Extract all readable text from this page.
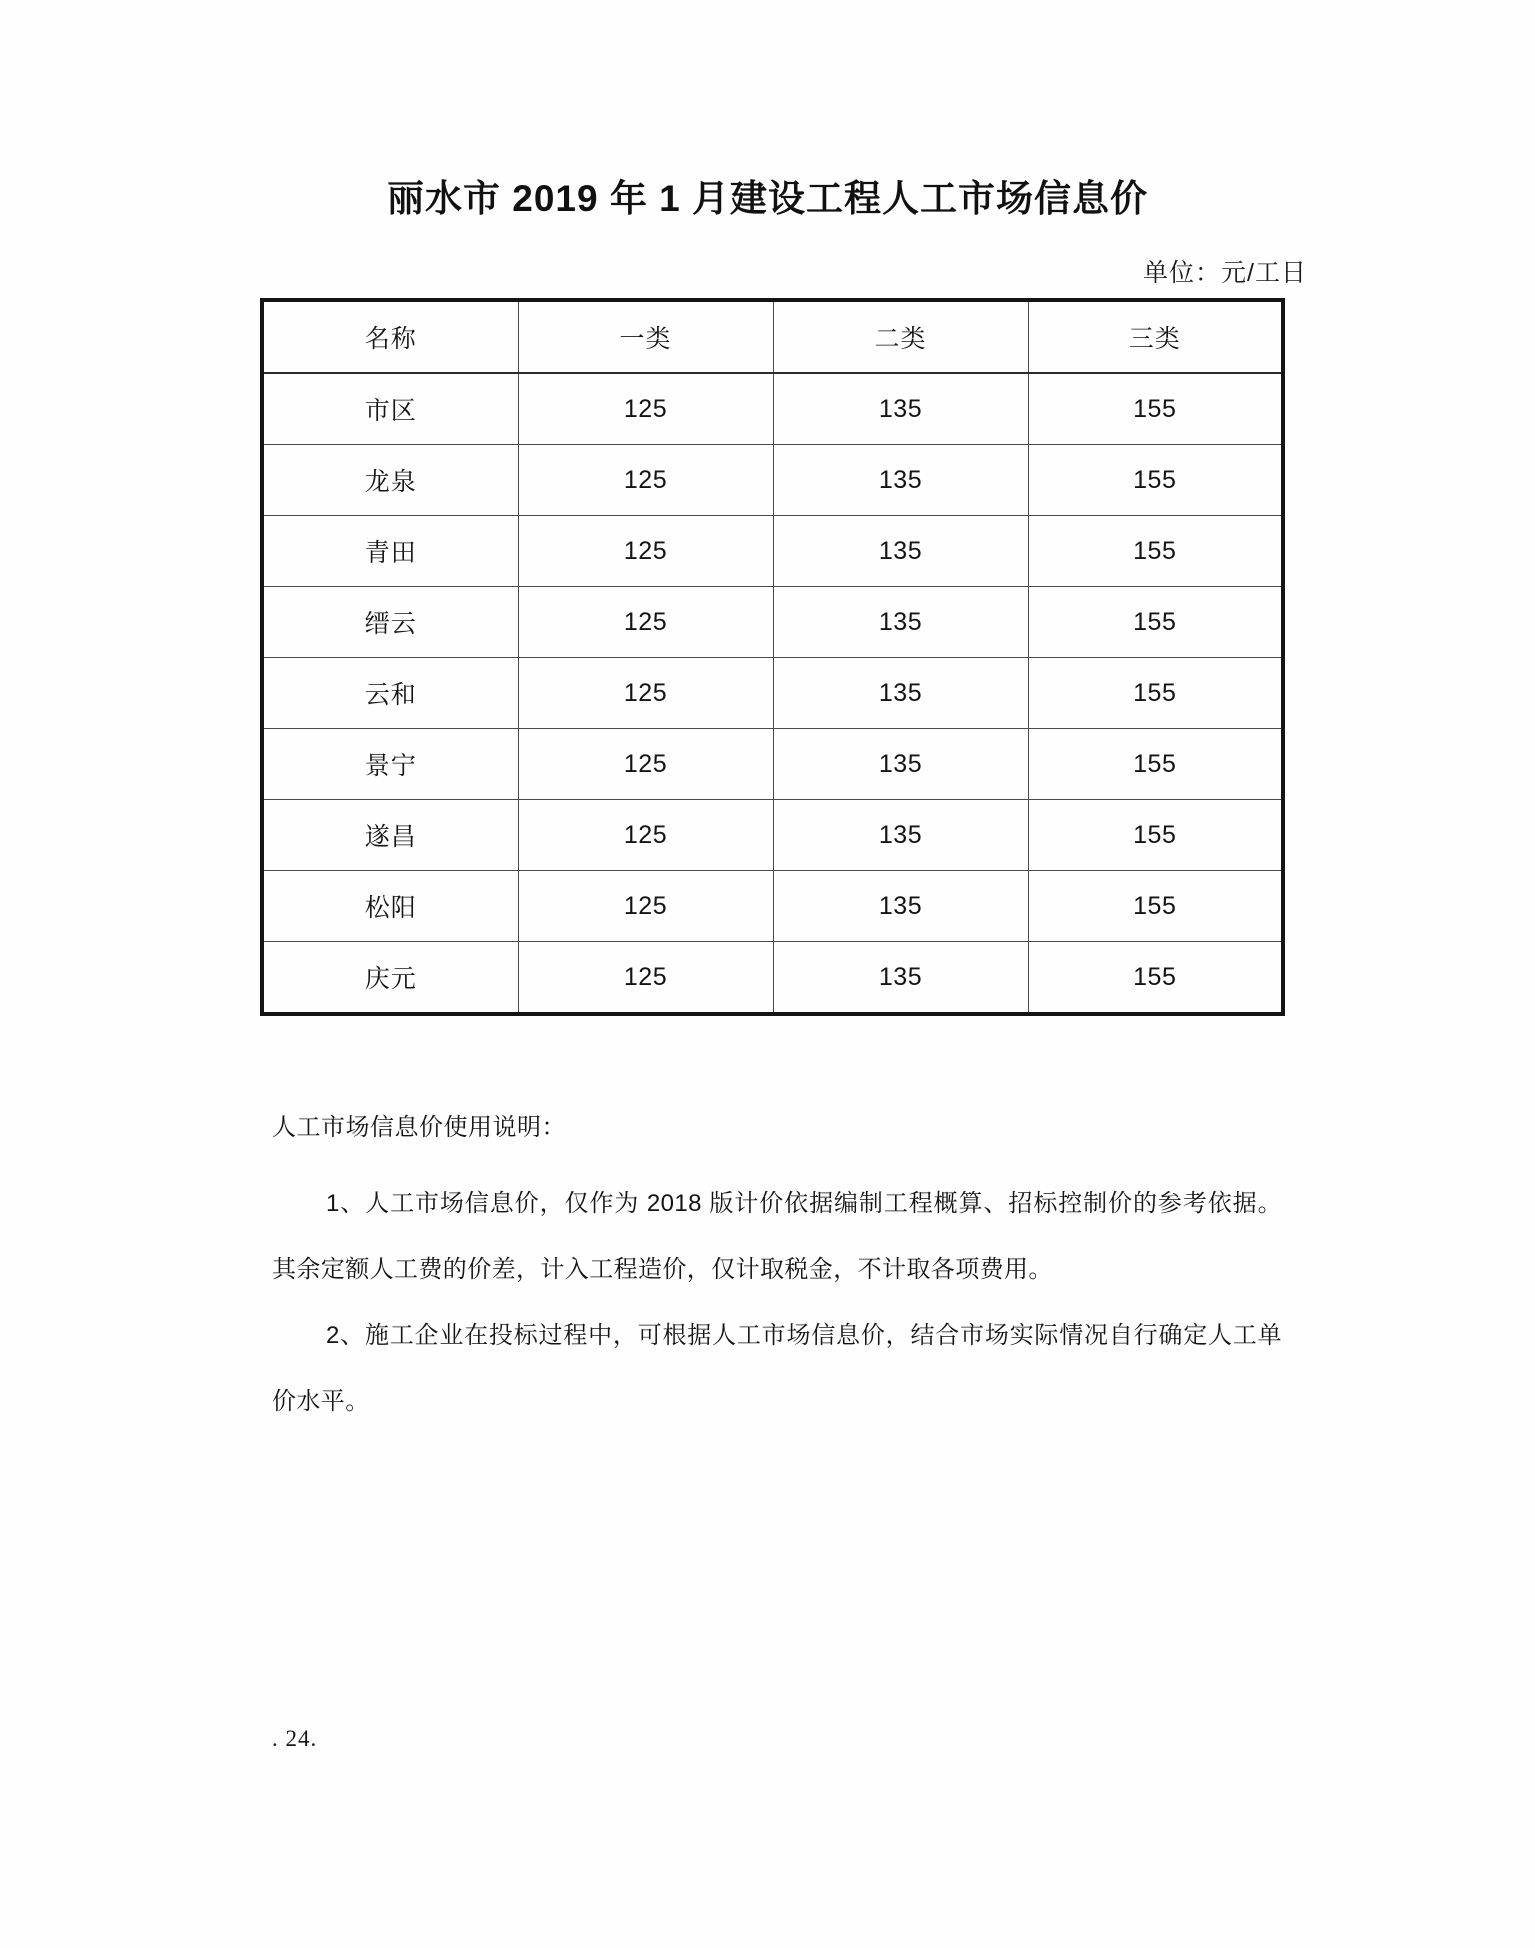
丽水市 2019 年 1 月建设工程人工市场信息价
单位：元/工日
名称	一类	二类	三类
市区	125	135	155
龙泉	125	135	155
青田	125	135	155
缙云	125	135	155
云和	125	135	155
景宁	125	135	155
遂昌	125	135	155
松阳	125	135	155
庆元	125	135	155
人工市场信息价使用说明：
1、人工市场信息价，仅作为 2018 版计价依据编制工程概算、招标控制价的参考依据。其余定额人工费的价差，计入工程造价，仅计取税金，不计取各项费用。
2、施工企业在投标过程中，可根据人工市场信息价，结合市场实际情况自行确定人工单价水平。
. 24.
